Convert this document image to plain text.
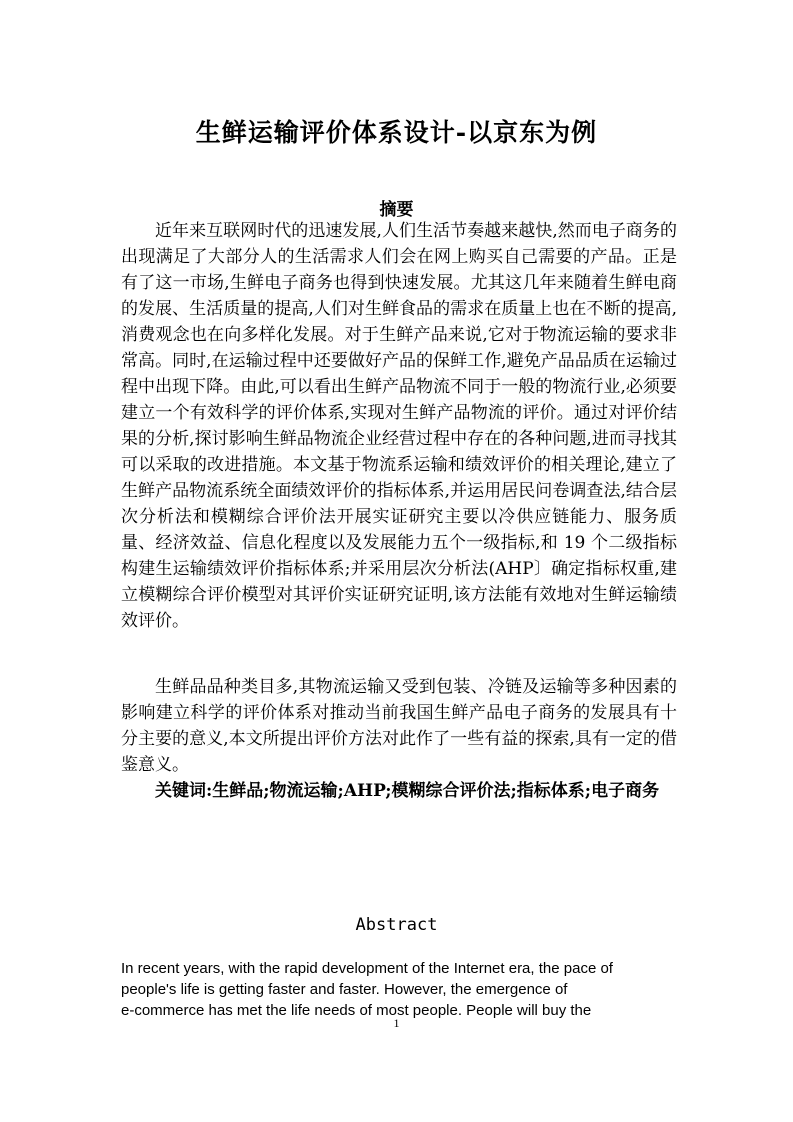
生鲜运输评价体系设计-以京东为例
摘要

近年来互联网时代的迅速发展,人们生活节奏越来越快,然而电子商务的出现满足了大部分人的生活需求人们会在网上购买自己需要的产品。正是有了这一市场,生鲜电子商务也得到快速发展。尤其这几年来随着生鲜电商的发展、生活质量的提高,人们对生鲜食品的需求在质量上也在不断的提高,消费观念也在向多样化发展。对于生鲜产品来说,它对于物流运输的要求非常高。同时,在运输过程中还要做好产品的保鲜工作,避免产品品质在运输过程中出现下降。由此,可以看出生鲜产品物流不同于一般的物流行业,必须要建立一个有效科学的评价体系,实现对生鲜产品物流的评价。通过对评价结果的分析,探讨影响生鲜品物流企业经营过程中存在的各种问题,进而寻找其可以采取的改进措施。本文基于物流系运输和绩效评价的相关理论,建立了生鲜产品物流系统全面绩效评价的指标体系,并运用居民问卷调查法,结合层次分析法和模糊综合评价法开展实证研究主要以冷供应链能力、服务质量、经济效益、信息化程度以及发展能力五个一级指标,和 19 个二级指标构建生运输绩效评价指标体系;并采用层次分析法(AHP〕确定指标权重,建立模糊综合评价模型对其评价实证研究证明,该方法能有效地对生鲜运输绩效评价。

生鲜品品种类目多,其物流运输又受到包装、冷链及运输等多种因素的影响建立科学的评价体系对推动当前我国生鲜产品电子商务的发展具有十分主要的意义,本文所提出评价方法对此作了一些有益的探索,具有一定的借鉴意义。

关键词:生鲜品;物流运输;AHP;模糊综合评价法;指标体系;电子商务

Abstract
In recent years, with the rapid development of the Internet era, the pace of
people's life is getting faster and faster. However, the emergence of
e-commerce has met the life needs of most people. People will buy the
1
